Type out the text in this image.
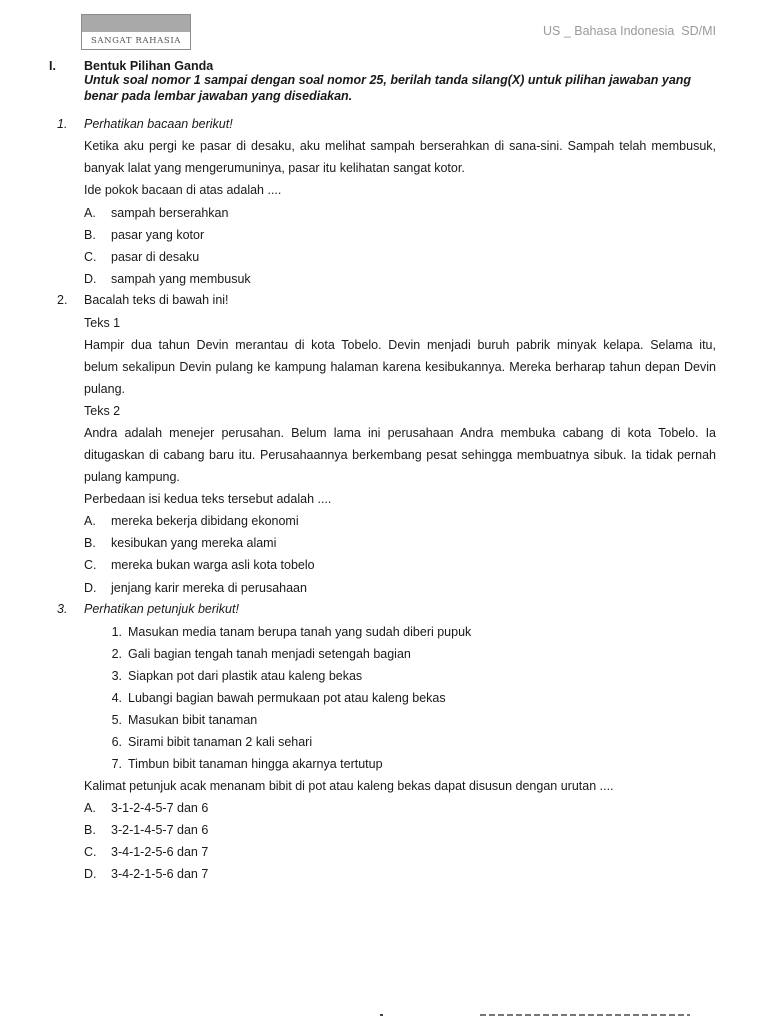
SANGAT RAHASIA
US _ Bahasa Indonesia  SD/MI
I. Bentuk Pilihan Ganda
Untuk soal nomor 1 sampai dengan soal nomor 25, berilah tanda silang(X) untuk pilihan jawaban yang benar pada lembar jawaban yang disediakan.
1. Perhatikan bacaan berikut!
Ketika aku pergi ke pasar di desaku, aku melihat sampah berserahkan di sana-sini. Sampah telah membusuk,
banyak lalat yang mengerumuninya, pasar itu kelihatan sangat kotor.
Ide pokok bacaan di atas adalah ....
A. sampah berserahkan
B. pasar yang kotor
C. pasar di desaku
D. sampah yang membusuk
2. Bacalah teks di bawah ini!
Teks 1
Hampir dua tahun Devin merantau di kota Tobelo. Devin menjadi buruh pabrik minyak kelapa. Selama itu,
belum sekalipun Devin pulang ke kampung halaman karena kesibukannya. Mereka berharap tahun depan Devin
pulang.
Teks 2
Andra adalah menejer perusahan. Belum lama ini perusahaan Andra membuka cabang di kota Tobelo. Ia
ditugaskan di cabang baru itu. Perusahaannya berkembang pesat sehingga membuatnya sibuk. Ia tidak pernah
pulang kampung.
Perbedaan isi kedua teks tersebut adalah ....
A. mereka bekerja dibidang ekonomi
B. kesibukan yang mereka alami
C. mereka bukan warga asli kota tobelo
D. jenjang karir mereka di perusahaan
3. Perhatikan petunjuk berikut!
1. Masukan media tanam berupa tanah yang sudah diberi pupuk
2. Gali bagian tengah tanah menjadi setengah bagian
3. Siapkan pot dari plastik atau kaleng bekas
4. Lubangi bagian bawah permukaan pot atau kaleng bekas
5. Masukan bibit tanaman
6. Sirami bibit tanaman 2 kali sehari
7. Timbun bibit tanaman hingga akarnya tertutup
Kalimat petunjuk acak menanam bibit di pot atau kaleng bekas dapat disusun dengan urutan ....
A. 3-1-2-4-5-7 dan 6
B. 3-2-1-4-5-7 dan 6
C. 3-4-1-2-5-6 dan 7
D. 3-4-2-1-5-6 dan 7
